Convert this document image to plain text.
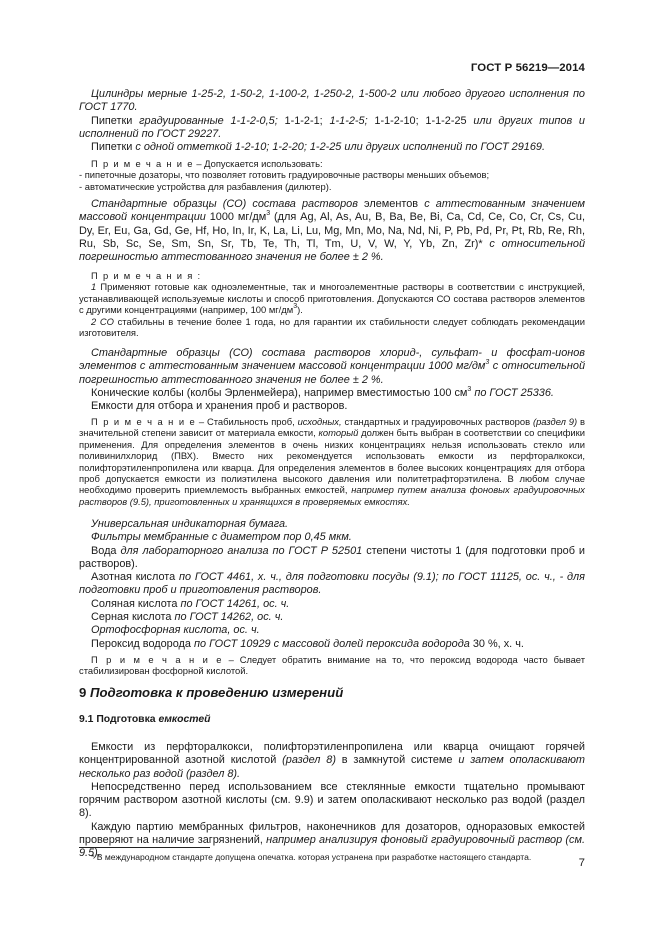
ГОСТ Р 56219—2014

Цилиндры мерные 1-25-2, 1-50-2, 1-100-2, 1-250-2, 1-500-2 или любого другого исполнения по ГОСТ 1770.

Пипетки градуированные 1-1-2-0,5; 1-1-2-1; 1-1-2-5; 1-1-2-10; 1-1-2-25 или других типов и исполнений по ГОСТ 29227.

Пипетки с одной отметкой 1-2-10; 1-2-20; 1-2-25 или других исполнений по ГОСТ 29169.

П р и м е ч а н и е – Допускается использовать:

- пипеточные дозаторы, что позволяет готовить градуировочные растворы меньших объемов;

- автоматические устройства для разбавления (дилютер).

Стандартные образцы (СО) состава растворов элементов с аттестованным значением массовой концентрации 1000 $мг/дм^3$ (для Ag, Al, As, Au, B, Ba, Be, Bi, Ca, Cd, Ce, Co, Cr, Cs, Cu, Dy, Er, Eu, Ga, Gd, Ge, Hf, Ho, In, Ir, K, La, Li, Lu, Mg, Mn, Mo, Na, Nd, Ni, P, Pb, Pd, Pr, Pt, Rb, Re, Rh, Ru, Sb, Sc, Se, Sm, Sn, Sr, Tb, Te, Th, Tl, Tm, U, V, W, Y, Yb, Zn, Zr)* с относительной погрешностью аттестованного значения не более ± 2 %.

П р и м е ч а н и я :

1 Применяют готовые как одноэлементные, так и многоэлементные растворы в соответствии с инструкцией, устанавливающей используемые кислоты и способ приготовления. Допускаются СО состава растворов элементов с другими концентрациями (например, 100 $мг/дм^3$).

2 СО стабильны в течение более 1 года, но для гарантии их стабильности следует соблюдать рекомендации изготовителя.

Стандартные образцы (СО) состава растворов хлорид-, сульфат- и фосфат-ионов элементов с аттестованным значением массовой концентрации 1000 $мг/дм^3$ с относительной погрешностью аттестованного значения не более ± 2 %.

Конические колбы (колбы Эрленмейера), например вместимостью 100 $см^3$ по ГОСТ 25336.

Емкости для отбора и хранения проб и растворов.

П р и м е ч а н и е – Стабильность проб, исходных, стандартных и градуировочных растворов (раздел 9) в значительной степени зависит от материала емкости, который должен быть выбран в соответствии со специфики применения. Для определения элементов в очень низких концентрациях нельзя использовать стекло или поливинилхлорид (ПВХ). Вместо них рекомендуется использовать емкости из перфторалкокси, полифторэтиленпропилена или кварца. Для определения элементов в более высоких концентрациях для отбора проб допускается емкости из полиэтилена высокого давления или политетрафторэтилена. В любом случае необходимо проверить приемлемость выбранных емкостей, например путем анализа фоновых градуировочных растворов (9.5), приготовленных и хранящихся в проверяемых емкостях.

Универсальная индикаторная бумага.

Фильтры мембранные с диаметром пор 0,45 мкм.

Вода для лабораторного анализа по ГОСТ Р 52501 степени чистоты 1 (для подготовки проб и растворов).

Азотная кислота по ГОСТ 4461, х. ч., для подготовки посуды (9.1); по ГОСТ 11125, ос. ч., - для подготовки проб и приготовления растворов.

Соляная кислота по ГОСТ 14261, ос. ч.

Серная кислота по ГОСТ 14262, ос. ч.

Ортофосфорная кислота, ос. ч.

Пероксид водорода по ГОСТ 10929 с массовой долей пероксида водорода 30 %, х. ч.

П р и м е ч а н и е – Следует обратить внимание на то, что пероксид водорода часто бывает стабилизирован фосфорной кислотой.

9 Подготовка к проведению измерений

9.1 Подготовка емкостей

Емкости из перфторалкокси, полифторэтиленпропилена или кварца очищают горячей концентрированной азотной кислотой (раздел 8) в замкнутой системе и затем ополаскивают несколько раз водой (раздел 8).

Непосредственно перед использованием все стеклянные емкости тщательно промывают горячим раствором азотной кислоты (см. 9.9) и затем ополаскивают несколько раз водой (раздел 8).

Каждую партию мембранных фильтров, наконечников для дозаторов, одноразовых емкостей проверяют на наличие загрязнений, например анализируя фоновый градуировочный раствор (см. 9.5).

* В международном стандарте допущена опечатка. которая устранена при разработке настоящего стандарта.	7
